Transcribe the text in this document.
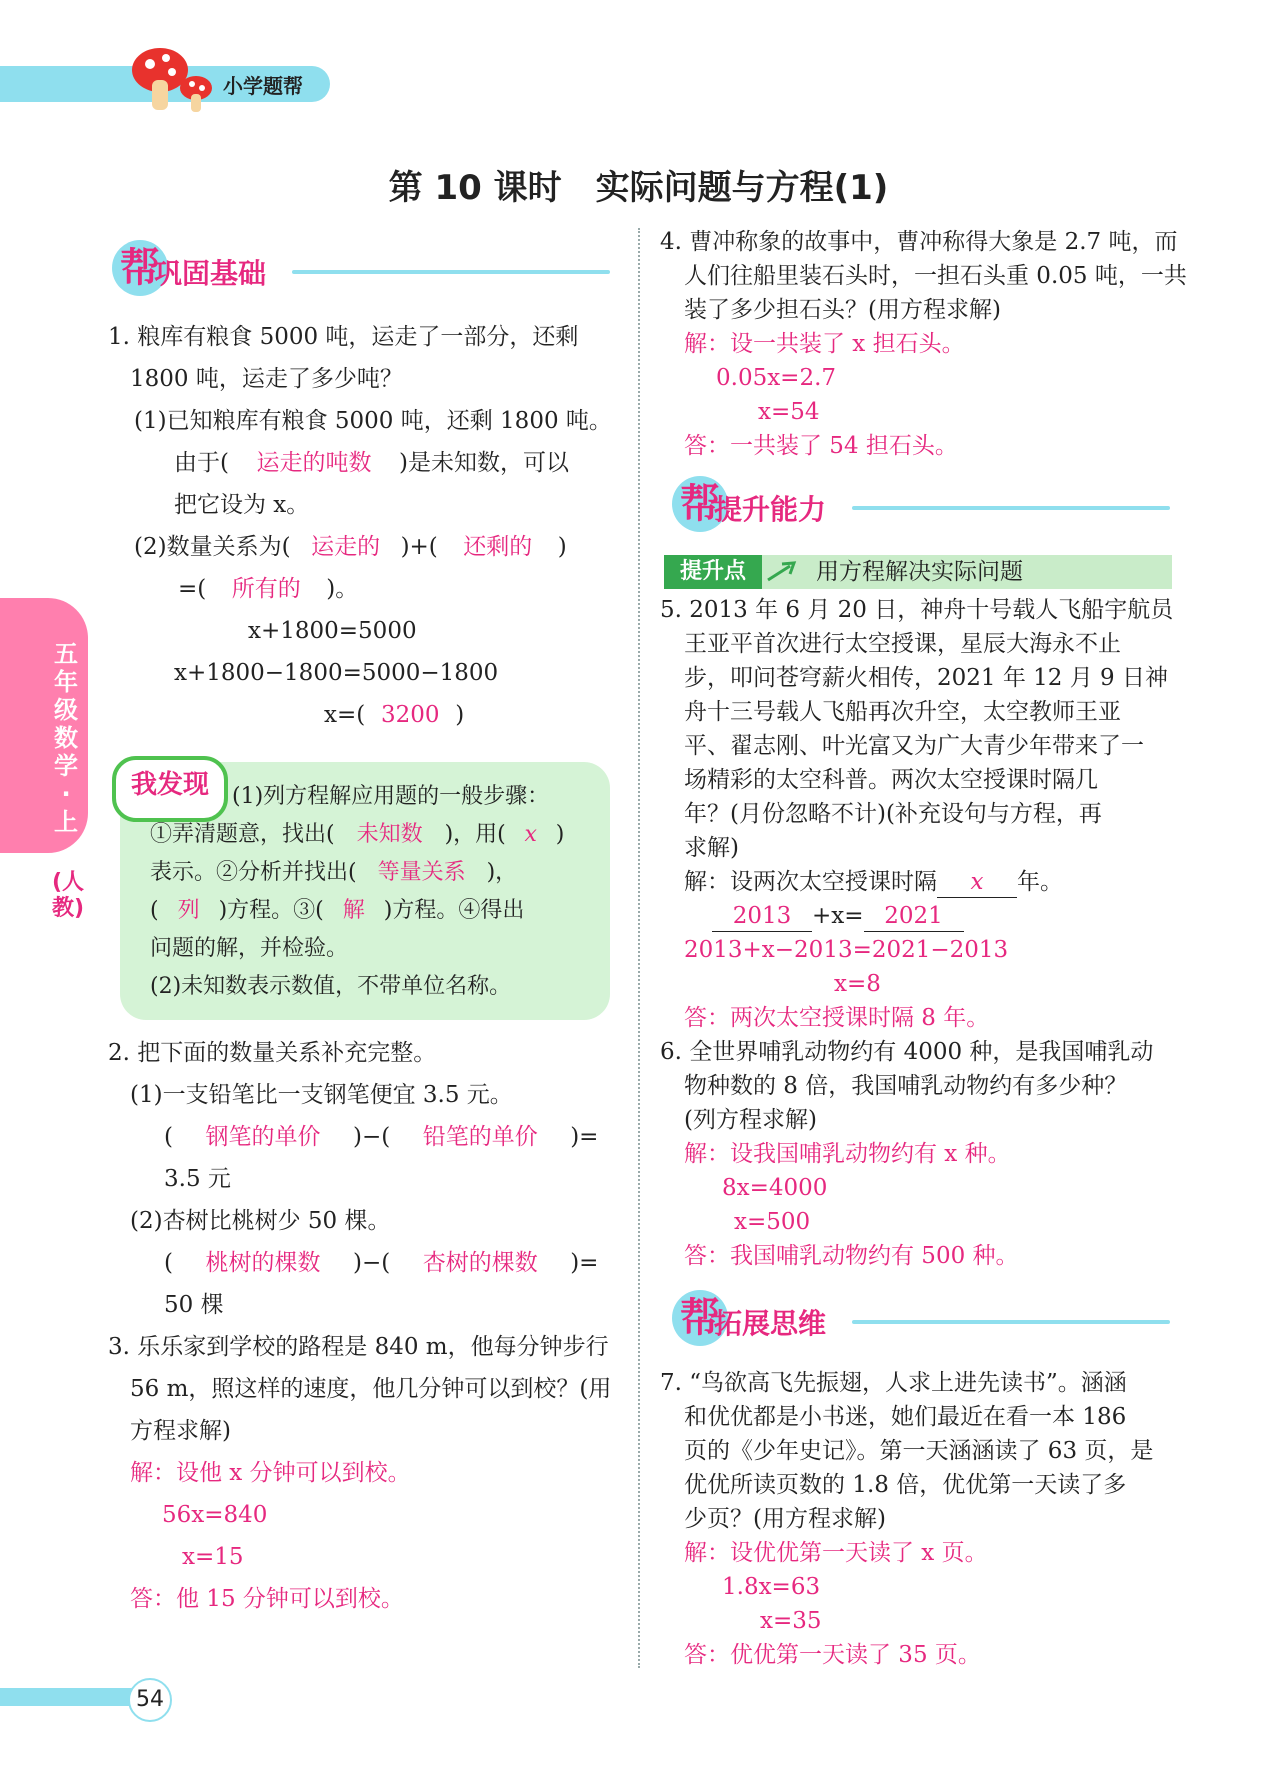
小学题帮
第 10 课时　实际问题与方程(1)
五年级数学·上
(人教)
帮
巩固基础
1. 粮库有粮食 5000 吨，运走了一部分，还剩
1800 吨，运走了多少吨？
(1)已知粮库有粮食 5000 吨，还剩 1800 吨。
由于( 运走的吨数 )是未知数，可以
把它设为 x。
(2)数量关系为( 运走的 )+( 还剩的 )
=( 所有的 )。
x+1800=5000
x+1800−1800=5000−1800
x=( 3200 )
我发现	(1)列方程解应用题的一般步骤：
①弄清题意，找出( 未知数 )，用( x )
表示。②分析并找出( 等量关系 )，
( 列 )方程。③( 解 )方程。④得出
问题的解，并检验。
(2)未知数表示数值，不带单位名称。
2. 把下面的数量关系补充完整。
(1)一支铅笔比一支钢笔便宜 3.5 元。
( 钢笔的单价 )−( 铅笔的单价 )=
3.5 元
(2)杏树比桃树少 50 棵。
( 桃树的棵数 )−( 杏树的棵数 )=
50 棵
3. 乐乐家到学校的路程是 840 m，他每分钟步行
56 m，照这样的速度，他几分钟可以到校？(用
方程求解)
解：设他 x 分钟可以到校。
56x=840
x=15
答：他 15 分钟可以到校。
4. 曹冲称象的故事中，曹冲称得大象是 2.7 吨，而
人们往船里装石头时，一担石头重 0.05 吨，一共
装了多少担石头？(用方程求解)
解：设一共装了 x 担石头。
0.05x=2.7
x=54
答：一共装了 54 担石头。
帮
提升能力
提升点	用方程解决实际问题
5. 2013 年 6 月 20 日，神舟十号载人飞船宇航员
王亚平首次进行太空授课，星辰大海永不止
步，叩问苍穹薪火相传，2021 年 12 月 9 日神
舟十三号载人飞船再次升空，太空教师王亚
平、翟志刚、叶光富又为广大青少年带来了一
场精彩的太空科普。两次太空授课时隔几
年？(月份忽略不计)(补充设句与方程，再
求解)
解：设两次太空授课时隔 x 年。
2013 +x= 2021
2013+x−2013=2021−2013
x=8
答：两次太空授课时隔 8 年。
6. 全世界哺乳动物约有 4000 种，是我国哺乳动
物种数的 8 倍，我国哺乳动物约有多少种？
(列方程求解)
解：设我国哺乳动物约有 x 种。
8x=4000
x=500
答：我国哺乳动物约有 500 种。
帮
拓展思维
7. “鸟欲高飞先振翅，人求上进先读书”。涵涵
和优优都是小书迷，她们最近在看一本 186
页的《少年史记》。第一天涵涵读了 63 页，是
优优所读页数的 1.8 倍，优优第一天读了多
少页？(用方程求解)
解：设优优第一天读了 x 页。
1.8x=63
x=35
答：优优第一天读了 35 页。
54
